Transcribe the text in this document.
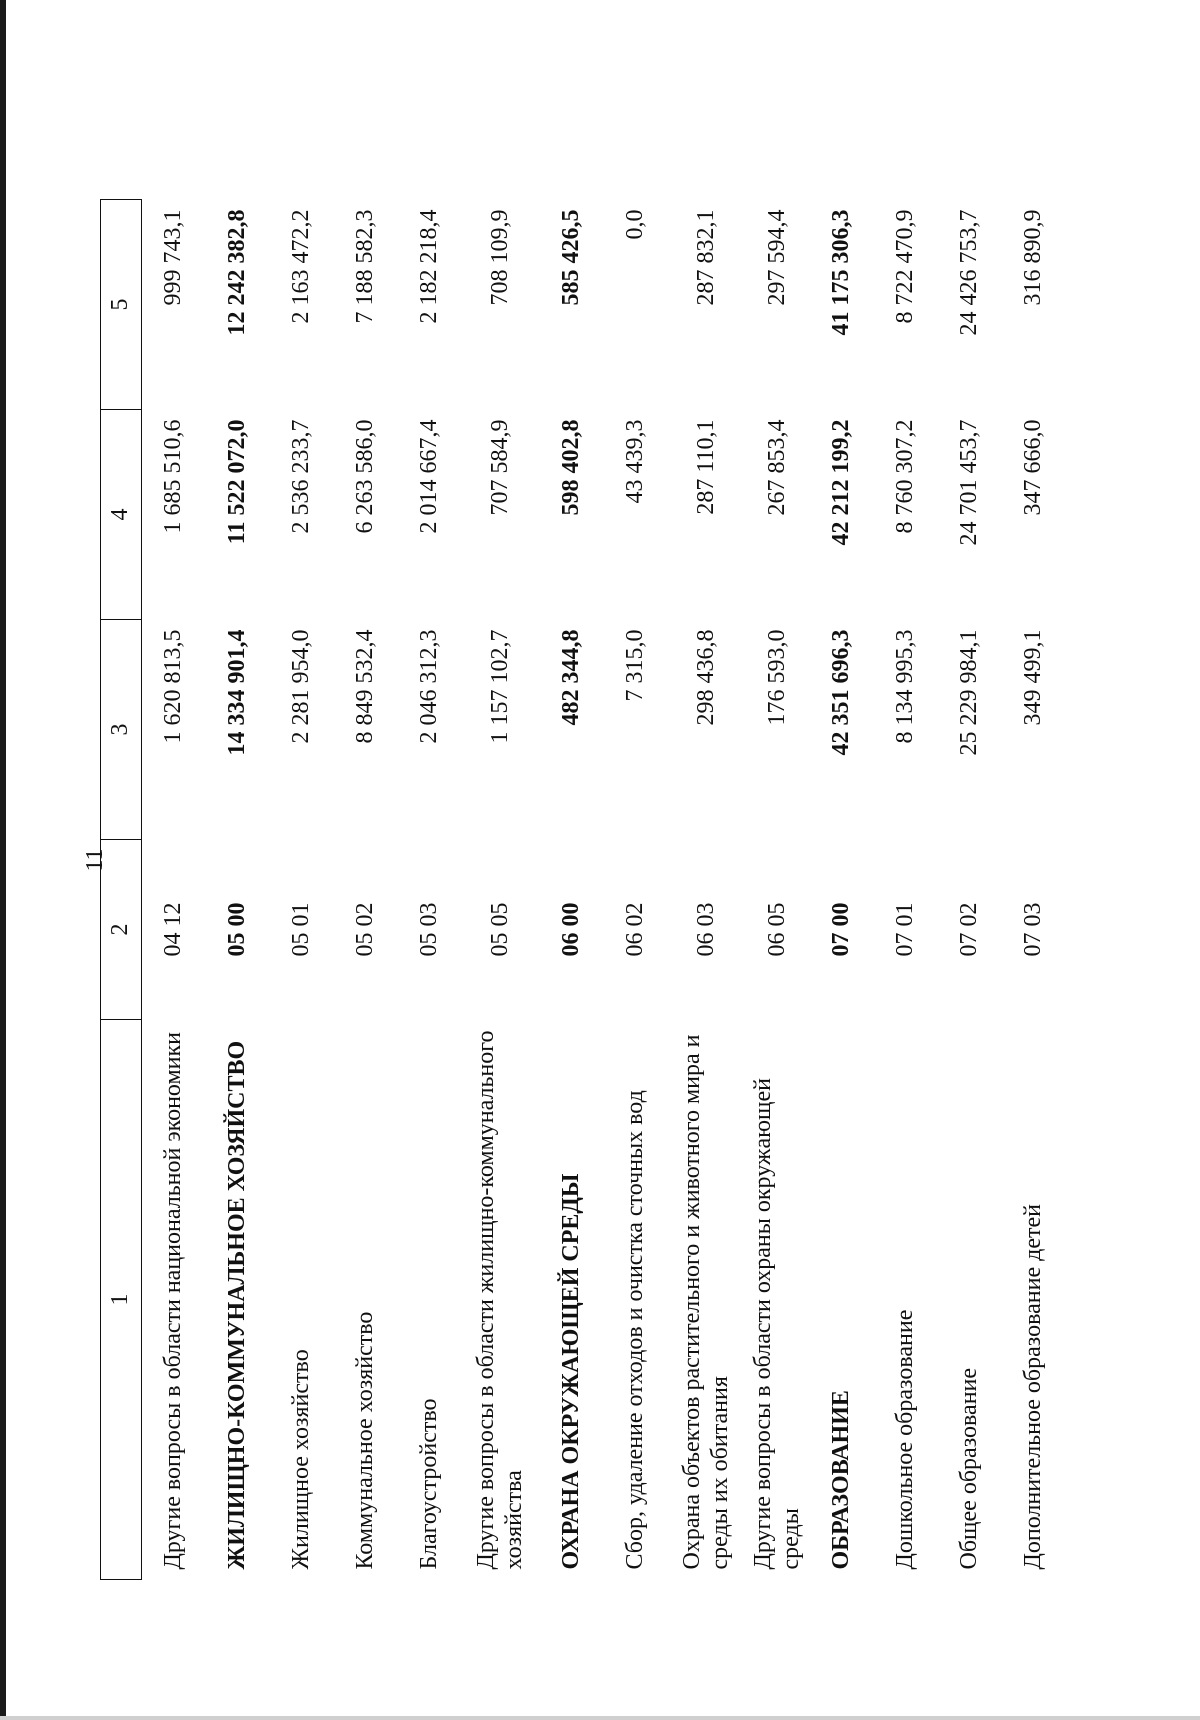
11
1	2	3	4	5
Другие вопросы в области национальной экономики	04 12	1 620 813,5	1 685 510,6	999 743,1
ЖИЛИЩНО-КОММУНАЛЬНОЕ ХОЗЯЙСТВО	05 00	14 334 901,4	11 522 072,0	12 242 382,8
Жилищное хозяйство	05 01	2 281 954,0	2 536 233,7	2 163 472,2
Коммунальное хозяйство	05 02	8 849 532,4	6 263 586,0	7 188 582,3
Благоустройство	05 03	2 046 312,3	2 014 667,4	2 182 218,4
Другие вопросы в области жилищно-коммунального хозяйства	05 05	1 157 102,7	707 584,9	708 109,9
ОХРАНА ОКРУЖАЮЩЕЙ СРЕДЫ	06 00	482 344,8	598 402,8	585 426,5
Сбор, удаление отходов и очистка сточных вод	06 02	7 315,0	43 439,3	0,0
Охрана объектов растительного и животного мира и среды их обитания	06 03	298 436,8	287 110,1	287 832,1
Другие вопросы в области охраны окружающей среды	06 05	176 593,0	267 853,4	297 594,4
ОБРАЗОВАНИЕ	07 00	42 351 696,3	42 212 199,2	41 175 306,3
Дошкольное образование	07 01	8 134 995,3	8 760 307,2	8 722 470,9
Общее образование	07 02	25 229 984,1	24 701 453,7	24 426 753,7
Дополнительное образование детей	07 03	349 499,1	347 666,0	316 890,9
